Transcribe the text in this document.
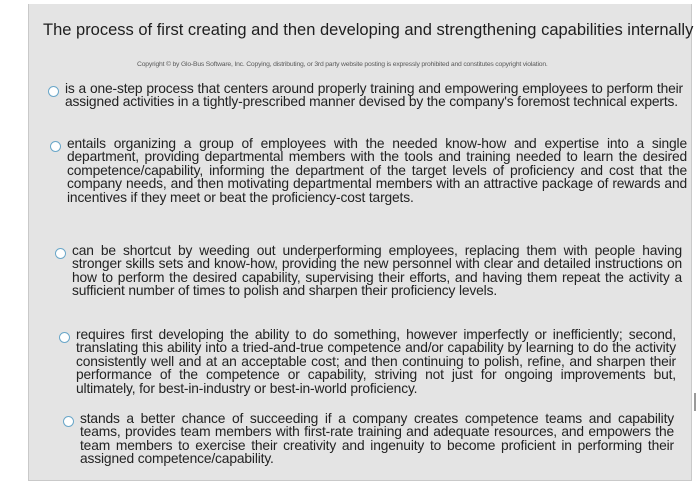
The process of first creating and then developing and strengthening capabilities internally
Copyright © by Glo-Bus Software, Inc. Copying, distributing, or 3rd party website posting is expressly prohibited and constitutes copyright violation.
is a one-step process that centers around properly training and empowering employees to perform their assigned activities in a tightly-prescribed manner devised by the company's foremost technical experts.
entails organizing a group of employees with the needed know-how and expertise into a single department, providing departmental members with the tools and training needed to learn the desired competence/capability, informing the department of the target levels of proficiency and cost that the company needs, and then motivating departmental members with an attractive package of rewards and incentives if they meet or beat the proficiency-cost targets.
can be shortcut by weeding out underperforming employees, replacing them with people having stronger skills sets and know-how, providing the new personnel with clear and detailed instructions on how to perform the desired capability, supervising their efforts, and having them repeat the activity a sufficient number of times to polish and sharpen their proficiency levels.
requires first developing the ability to do something, however imperfectly or inefficiently; second, translating this ability into a tried-and-true competence and/or capability by learning to do the activity consistently well and at an acceptable cost; and then continuing to polish, refine, and sharpen their performance of the competence or capability, striving not just for ongoing improvements but, ultimately, for best-in-industry or best-in-world proficiency.
stands a better chance of succeeding if a company creates competence teams and capability teams, provides team members with first-rate training and adequate resources, and empowers the team members to exercise their creativity and ingenuity to become proficient in performing their assigned competence/capability.
